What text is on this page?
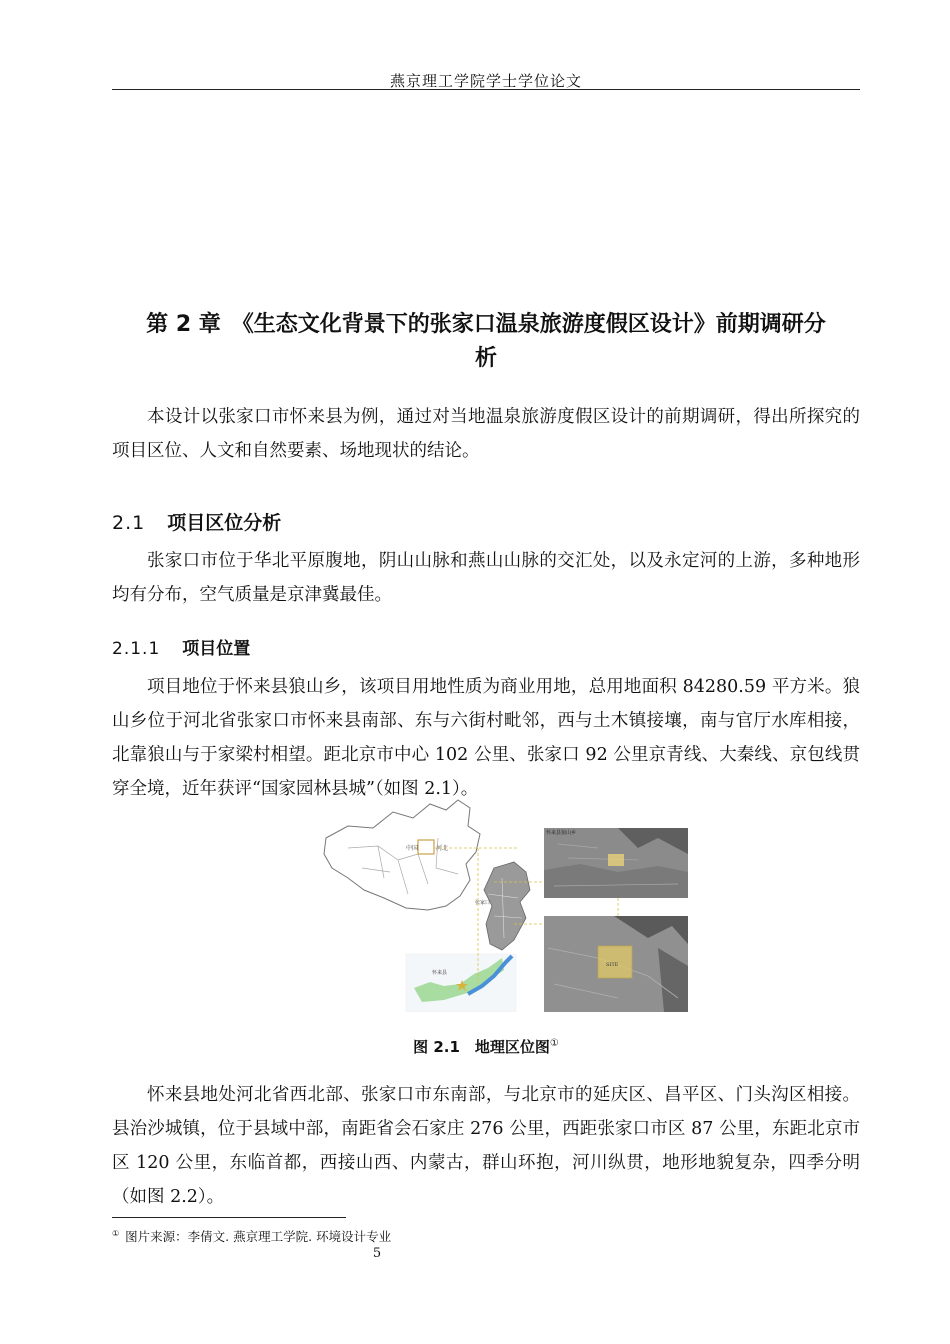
燕京理工学院学士学位论文
第 2 章　《生态文化背景下的张家口温泉旅游度假区设计》前期调研分
析

本设计以张家口市怀来县为例，通过对当地温泉旅游度假区设计的前期调研，得出所探究的项目区位、人文和自然要素、场地现状的结论。

2.1 项目区位分析

张家口市位于华北平原腹地，阴山山脉和燕山山脉的交汇处，以及永定河的上游，多种地形均有分布，空气质量是京津冀最佳。

2.1.1 项目位置

项目地位于怀来县狼山乡，该项目用地性质为商业用地，总用地面积 84280.59 平方米。狼山乡位于河北省张家口市怀来县南部、东与六街村毗邻，西与土木镇接壤，南与官厅水库相接，北靠狼山与于家梁村相望。距北京市中心 102 公里、张家口 92 公里京青线、大秦线、京包线贯穿全境，近年获评“国家园林县城”（如图 2.1）。

中国	河北
张家口
怀来县
怀来县狼山乡
SITE
图 2.1　地理区位图①

怀来县地处河北省西北部、张家口市东南部，与北京市的延庆区、昌平区、门头沟区相接。县治沙城镇，位于县域中部，南距省会石家庄 276 公里，西距张家口市区 87 公里，东距北京市区 120 公里，东临首都，西接山西、内蒙古，群山环抱，河川纵贯，地形地貌复杂，四季分明（如图 2.2）。

① 图片来源：李倩文. 燕京理工学院. 环境设计专业
5
